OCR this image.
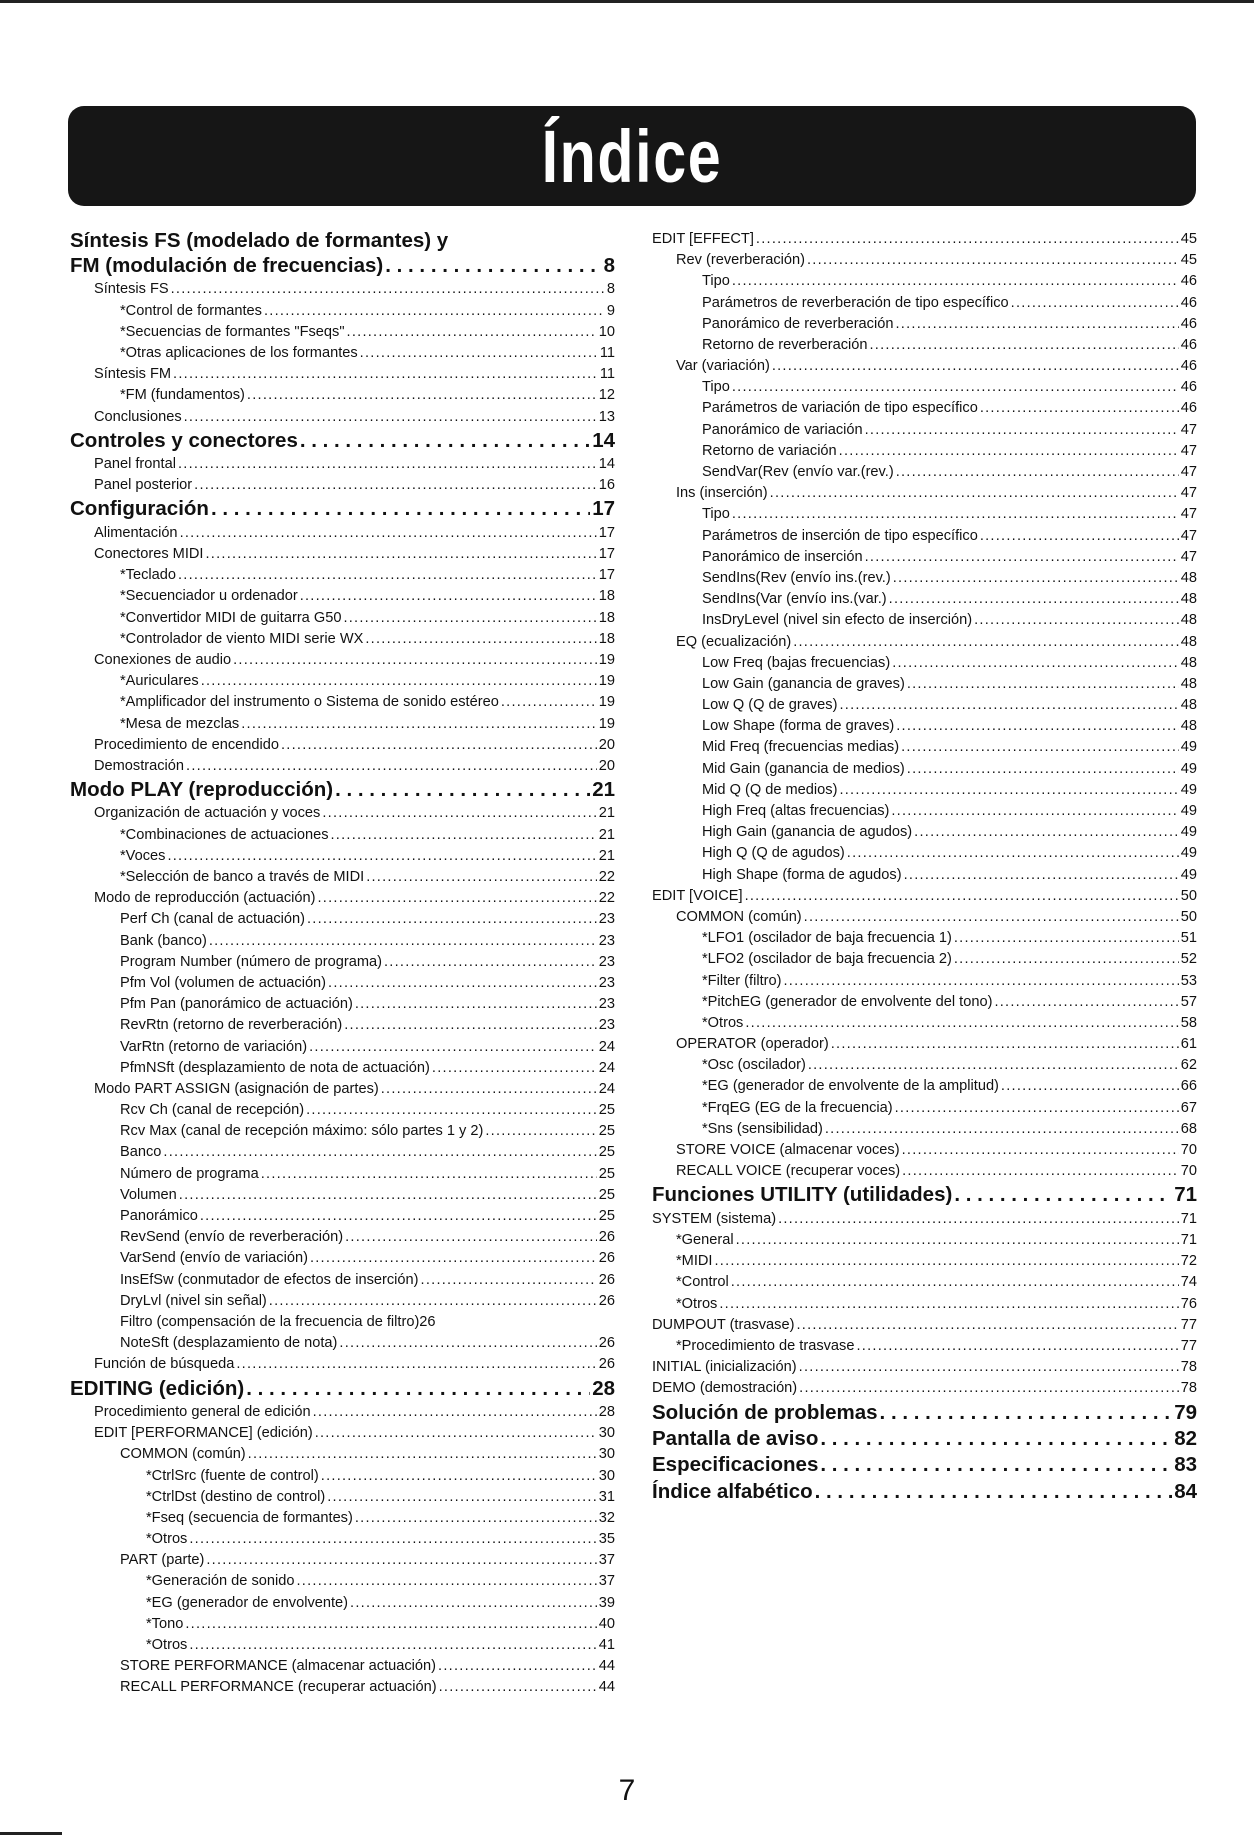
Índice
Síntesis FS (modelado de formantes) y
FM (modulación de frecuencias) . . .	8
Síntesis FS . . .	8
*Control de formantes . . .	9
*Secuencias de formantes "Fseqs" . . .	10
*Otras aplicaciones de los formantes . . .	11
Síntesis FM . . .	11
*FM (fundamentos) . . .	12
Conclusiones . . .	13
Controles y conectores . . .	14
Panel frontal . . .	14
Panel posterior . . .	16
Configuración . . .	17
Alimentación . . .	17
Conectores MIDI . . .	17
*Teclado . . .	17
*Secuenciador u ordenador . . .	18
*Convertidor MIDI de guitarra G50 . . .	18
*Controlador de viento MIDI serie WX . . .	18
Conexiones de audio . . .	19
*Auriculares . . .	19
*Amplificador del instrumento o Sistema de sonido estéreo . . .	19
*Mesa de mezclas . . .	19
Procedimiento de encendido . . .	20
Demostración . . .	20
Modo PLAY (reproducción) . . .	21
Organización de actuación y voces . . .	21
*Combinaciones de actuaciones . . .	21
*Voces . . .	21
*Selección de banco a través de MIDI . . .	22
Modo de reproducción (actuación) . . .	22
Perf Ch (canal de actuación) . . .	23
Bank (banco) . . .	23
Program Number (número de programa) . . .	23
Pfm Vol (volumen de actuación) . . .	23
Pfm Pan (panorámico de actuación) . . .	23
RevRtn (retorno de reverberación) . . .	23
VarRtn (retorno de variación) . . .	24
PfmNSft (desplazamiento de nota de actuación) . . .	24
Modo PART ASSIGN (asignación de partes) . . .	24
Rcv Ch (canal de recepción) . . .	25
Rcv Max (canal de recepción máximo: sólo partes 1 y 2) . . .	25
Banco . . .	25
Número de programa . . .	25
Volumen . . .	25
Panorámico . . .	25
RevSend (envío de reverberación) . . .	26
VarSend (envío de variación) . . .	26
InsEfSw (conmutador de efectos de inserción) . . .	26
DryLvl (nivel sin señal) . . .	26
Filtro (compensación de la frecuencia de filtro)26
NoteSft (desplazamiento de nota) . . .	26
Función de búsqueda . . .	26
EDITING (edición) . . .	28
Procedimiento general de edición . . .	28
EDIT [PERFORMANCE] (edición) . . .	30
COMMON (común) . . .	30
*CtrlSrc (fuente de control) . . .	30
*CtrlDst (destino de control) . . .	31
*Fseq (secuencia de formantes) . . .	32
*Otros . . .	35
PART (parte) . . .	37
*Generación de sonido . . .	37
*EG (generador de envolvente) . . .	39
*Tono . . .	40
*Otros . . .	41
STORE PERFORMANCE (almacenar actuación) . . .	44
RECALL PERFORMANCE (recuperar actuación) . . .	44
EDIT [EFFECT] . . .	45
Rev (reverberación) . . .	45
Tipo . . .	46
Parámetros de reverberación de tipo específico . . .	46
Panorámico de reverberación . . .	46
Retorno de reverberación . . .	46
Var (variación) . . .	46
Tipo . . .	46
Parámetros de variación de tipo específico . . .	46
Panorámico de variación . . .	47
Retorno de variación . . .	47
SendVar(Rev (envío var.(rev.) . . .	47
Ins (inserción) . . .	47
Tipo . . .	47
Parámetros de inserción de tipo específico . . .	47
Panorámico de inserción . . .	47
SendIns(Rev (envío ins.(rev.) . . .	48
SendIns(Var (envío ins.(var.) . . .	48
InsDryLevel (nivel sin efecto de inserción) . . .	48
EQ (ecualización) . . .	48
Low Freq (bajas frecuencias) . . .	48
Low Gain (ganancia de graves) . . .	48
Low Q (Q de graves) . . .	48
Low Shape (forma de graves) . . .	48
Mid Freq (frecuencias medias) . . .	49
Mid Gain (ganancia de medios) . . .	49
Mid Q (Q de medios) . . .	49
High Freq (altas frecuencias) . . .	49
High Gain (ganancia de agudos) . . .	49
High Q (Q de agudos) . . .	49
High Shape (forma de agudos) . . .	49
EDIT [VOICE] . . .	50
COMMON (común) . . .	50
*LFO1 (oscilador de baja frecuencia 1) . . .	51
*LFO2 (oscilador de baja frecuencia 2) . . .	52
*Filter (filtro) . . .	53
*PitchEG (generador de envolvente del tono) . . .	57
*Otros . . .	58
OPERATOR (operador) . . .	61
*Osc (oscilador) . . .	62
*EG (generador de envolvente de la amplitud) . . .	66
*FrqEG (EG de la frecuencia) . . .	67
*Sns (sensibilidad) . . .	68
STORE VOICE (almacenar voces) . . .	70
RECALL VOICE (recuperar voces) . . .	70
Funciones UTILITY (utilidades) . . .	71
SYSTEM (sistema) . . .	71
*General . . .	71
*MIDI . . .	72
*Control . . .	74
*Otros . . .	76
DUMPOUT (trasvase) . . .	77
*Procedimiento de trasvase . . .	77
INITIAL (inicialización) . . .	78
DEMO (demostración) . . .	78
Solución de problemas . . .	79
Pantalla de aviso . . .	82
Especificaciones . . .	83
Índice alfabético . . .	84
7
